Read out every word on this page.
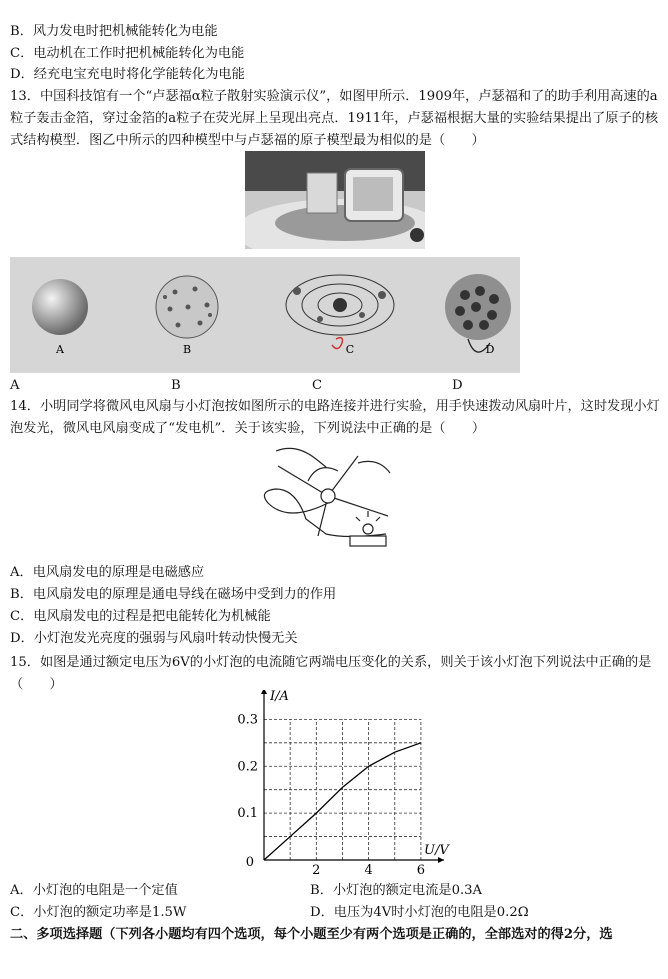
B．风力发电时把机械能转化为电能
C．电动机在工作时把机械能转化为电能
D．经充电宝充电时将化学能转化为电能
13．中国科技馆有一个“卢瑟福α粒子散射实验演示仪”，如图甲所示．1909年，卢瑟福和了的助手利用高速的a粒子轰击金箔，穿过金箔的a粒子在荧光屏上呈现出亮点．1911年，卢瑟福根据大量的实验结果提出了原子的核式结构模型．图乙中所示的四种模型中与卢瑟福的原子模型最为相似的是（　　）
A	B	C	D
A	B	C	D
14．小明同学将微风电风扇与小灯泡按如图所示的电路连接并进行实验，用手快速拨动风扇叶片，这时发现小灯泡发光，微风电风扇变成了“发电机”．关于该实验，下列说法中正确的是（　　）
A．电风扇发电的原理是电磁感应
B．电风扇发电的原理是通电导线在磁场中受到力的作用
C．电风扇发电的过程是把电能转化为机械能
D．小灯泡发光亮度的强弱与风扇叶转动快慢无关
15．如图是通过额定电压为6V的小灯泡的电流随它两端电压变化的关系，则关于该小灯泡下列说法中正确的是（　　）
2	4	6
0.1
0.2
0.3
0
U/V
I/A
A．小灯泡的电阻是一个定值	B．小灯泡的额定电流是0.3A
C．小灯泡的额定功率是1.5W	D．电压为4V时小灯泡的电阻是0.2Ω
二、多项选择题（下列各小题均有四个选项，每个小题至少有两个选项是正确的，全部选对的得2分，选
